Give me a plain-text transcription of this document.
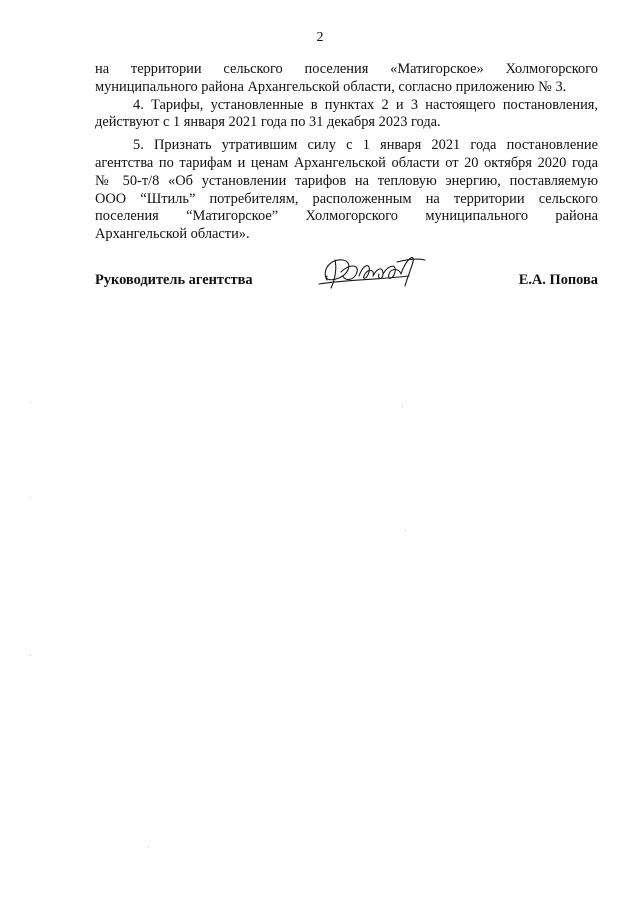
2
на территории сельского поселения «Матигорское» Холмогорского
муниципального района Архангельской области, согласно приложению № 3.
4. Тарифы, установленные в пунктах 2 и 3 настоящего постановления,
действуют с 1 января 2021 года по 31 декабря 2023 года.
5. Признать утратившим силу с 1 января 2021 года постановление
агентства по тарифам и ценам Архангельской области от 20 октября 2020 года
№ 50-т/8 «Об установлении тарифов на тепловую энергию, поставляемую
ООО “Штиль” потребителям, расположенным на территории сельского
поселения “Матигорское” Холмогорского муниципального района
Архангельской области».
Руководитель агентства	Е.А. Попова
